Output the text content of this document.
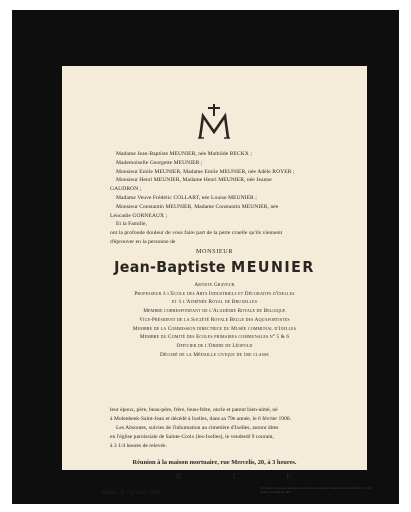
Madame Jean-Baptiste MEUNIER, née Mathilde BECKX ;
Mademoiselle Georgette MEUNIER ;
Monsieur Emile MEUNIER, Madame Emile MEUNIER, née Adèle ROYER ;
Monsieur Henri MEUNIER, Madame Henri MEUNIER, née Jeanne
GAUDRON ;
Madame Veuve Frédéric COLLART, née Louise MEUNIER ;
Monsieur Constantin MEUNIER, Madame Constantin MEUNIER, née
Léocadie GORNEAUX ;
Et la Famille,
ont la profonde douleur de vous faire part de la perte cruelle qu'ils viennent
d'éprouver en la personne de
MONSIEUR
Jean-Baptiste MEUNIER
Artiste Graveur
Professeur à l'Ecole des Arts Industriels et Décoratifs d'Ixelles
et à l'Athénée Royal de Bruxelles
Membre correspondant de l'Académie Royale de Belgique
Vice-Président de la Société Royale Belge des Aquafortistes
Membre de la Commission directrice du Musée communal d'Ixelles
Membre du Comité des Ecoles primaires communales n° 5 & 6
Officier de l'Ordre de Léopold
Décoré de la Médaille civique de 1re classe
leur époux, père, beau-père, frère, beau-frère, oncle et parent bien-aimé, né
à Molenbeek-Saint-Jean et décédé à Ixelles, dans sa 79e année, le 6 février 1900.
Les Absoutes, suivies de l'inhumation au cimetière d'Ixelles, auront dites
en l'église paroissiale de Sainte-Croix (les-Ixelles), le vendredi 9 courant,
à 3 1/4 heures de relevée.
Réunion à la maison mortuaire, rue Mercelis, 20, à 3 heures.
R.	I.	P.
Ixelles, le 7 février 1900.
Ve Victor Godenne, entreprise générale des pompes funèbres rue Malibran, 55-59, Ixelles. Téléphone 837
